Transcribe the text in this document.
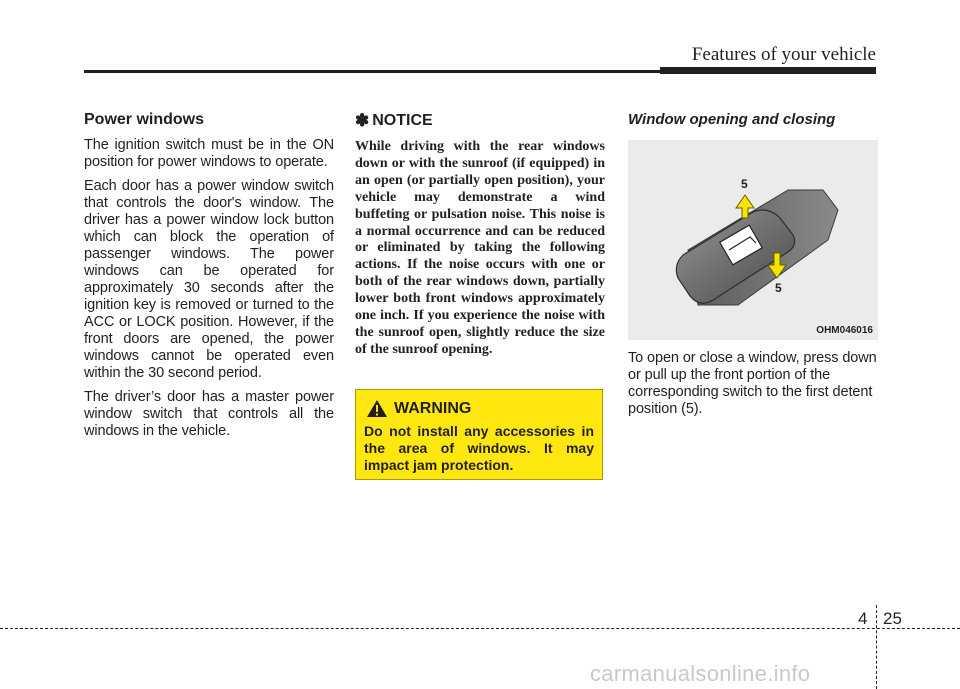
Features of your vehicle
Power windows

The ignition switch must be in the ON position for power windows to operate.

Each door has a power window switch that controls the door's window. The driver has a power window lock button which can block the operation of passenger windows. The power windows can be operated for approximately 30 seconds after the ignition key is removed or turned to the ACC or LOCK position. However, if the front doors are opened, the power windows cannot be operated even within the 30 second period.

The driver’s door has a master power window switch that controls all the windows in the vehicle.

✽ NOTICE

While driving with the rear windows down or with the sunroof (if equipped) in an open (or partially open position), your vehicle may demonstrate a wind buffeting or pulsation noise. This noise is a normal occurrence and can be reduced or eliminated by taking the following actions. If the noise occurs with one or both of the rear windows down, partially lower both front windows approximately one inch. If you experience the noise with the sunroof open, slightly reduce the size of the sunroof opening.

WARNING
Do not install any accessories in the area of windows. It may impact jam protection.
Window opening and closing
5
5
OHM046016

To open or close a window, press down or pull up the front portion of the corresponding switch to the first detent position (5).

4 25
carmanualsonline.info
